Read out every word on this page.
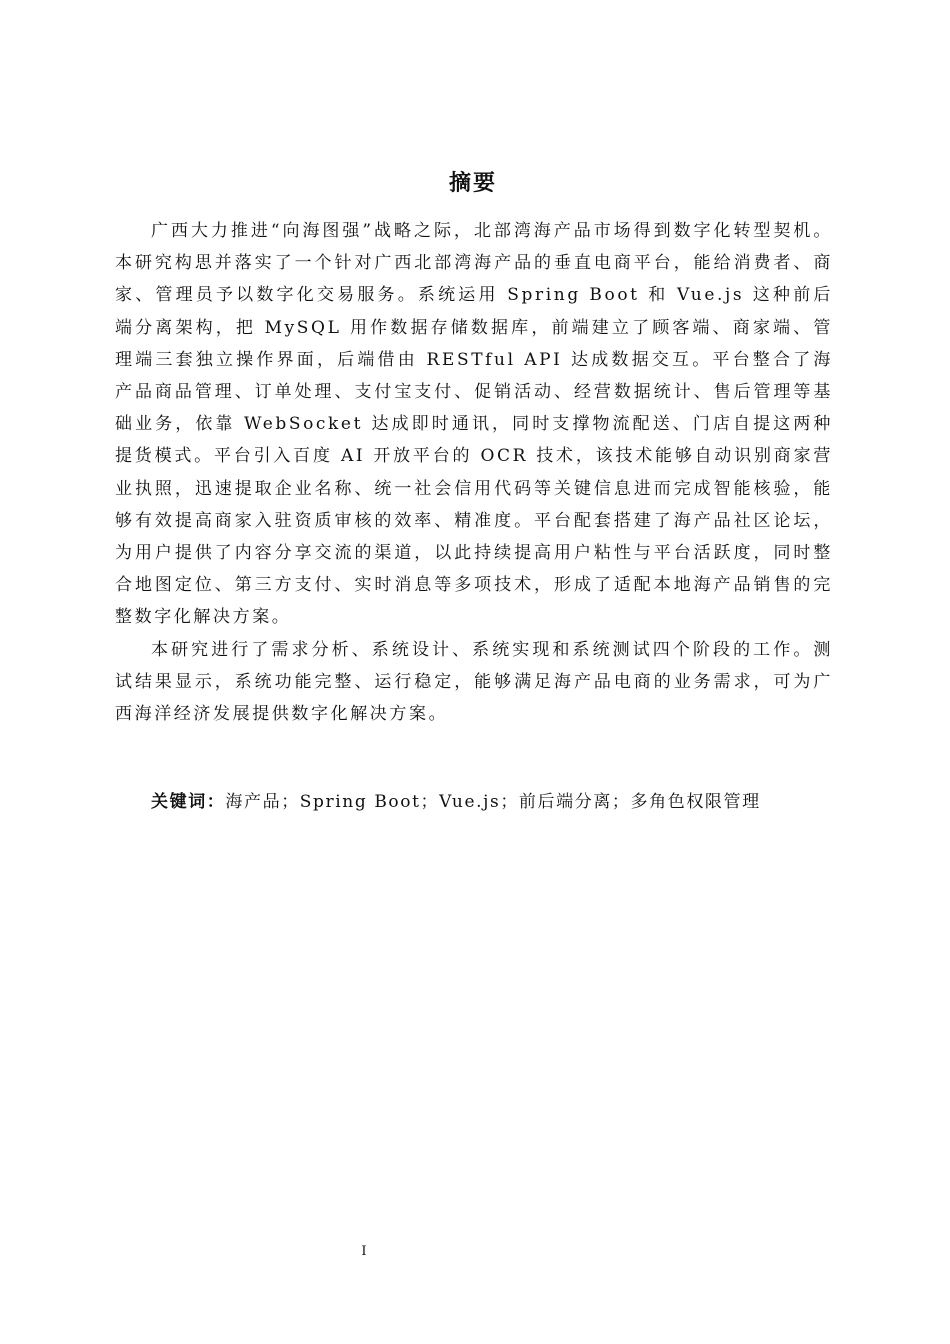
摘要

广西大力推进“向海图强”战略之际，北部湾海产品市场得到数字化转型契机。本研究构思并落实了一个针对广西北部湾海产品的垂直电商平台，能给消费者、商家、管理员予以数字化交易服务。系统运用 Spring Boot 和 Vue.js 这种前后端分离架构，把 MySQL 用作数据存储数据库，前端建立了顾客端、商家端、管理端三套独立操作界面，后端借由 RESTful API 达成数据交互。平台整合了海产品商品管理、订单处理、支付宝支付、促销活动、经营数据统计、售后管理等基础业务，依靠 WebSocket 达成即时通讯，同时支撑物流配送、门店自提这两种提货模式。平台引入百度 AI 开放平台的 OCR 技术，该技术能够自动识别商家营业执照，迅速提取企业名称、统一社会信用代码等关键信息进而完成智能核验，能够有效提高商家入驻资质审核的效率、精准度。平台配套搭建了海产品社区论坛，为用户提供了内容分享交流的渠道，以此持续提高用户粘性与平台活跃度，同时整合地图定位、第三方支付、实时消息等多项技术，形成了适配本地海产品销售的完整数字化解决方案。

本研究进行了需求分析、系统设计、系统实现和系统测试四个阶段的工作。测试结果显示，系统功能完整、运行稳定，能够满足海产品电商的业务需求，可为广西海洋经济发展提供数字化解决方案。

关键词：海产品；Spring Boot；Vue.js；前后端分离；多角色权限管理
I
